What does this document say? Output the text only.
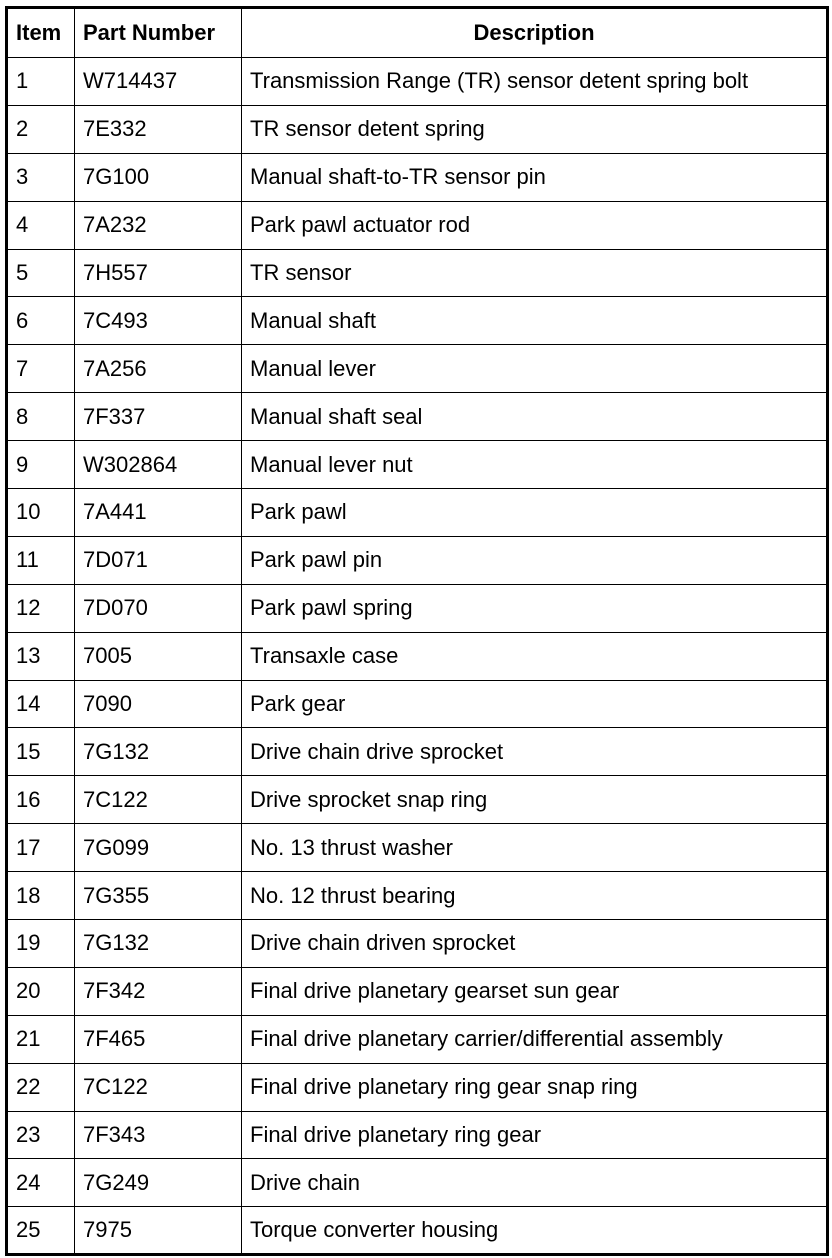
Item	Part Number	Description
1	W714437	Transmission Range (TR) sensor detent spring bolt
2	7E332	TR sensor detent spring
3	7G100	Manual shaft-to-TR sensor pin
4	7A232	Park pawl actuator rod
5	7H557	TR sensor
6	7C493	Manual shaft
7	7A256	Manual lever
8	7F337	Manual shaft seal
9	W302864	Manual lever nut
10	7A441	Park pawl
11	7D071	Park pawl pin
12	7D070	Park pawl spring
13	7005	Transaxle case
14	7090	Park gear
15	7G132	Drive chain drive sprocket
16	7C122	Drive sprocket snap ring
17	7G099	No. 13 thrust washer
18	7G355	No. 12 thrust bearing
19	7G132	Drive chain driven sprocket
20	7F342	Final drive planetary gearset sun gear
21	7F465	Final drive planetary carrier/differential assembly
22	7C122	Final drive planetary ring gear snap ring
23	7F343	Final drive planetary ring gear
24	7G249	Drive chain
25	7975	Torque converter housing
